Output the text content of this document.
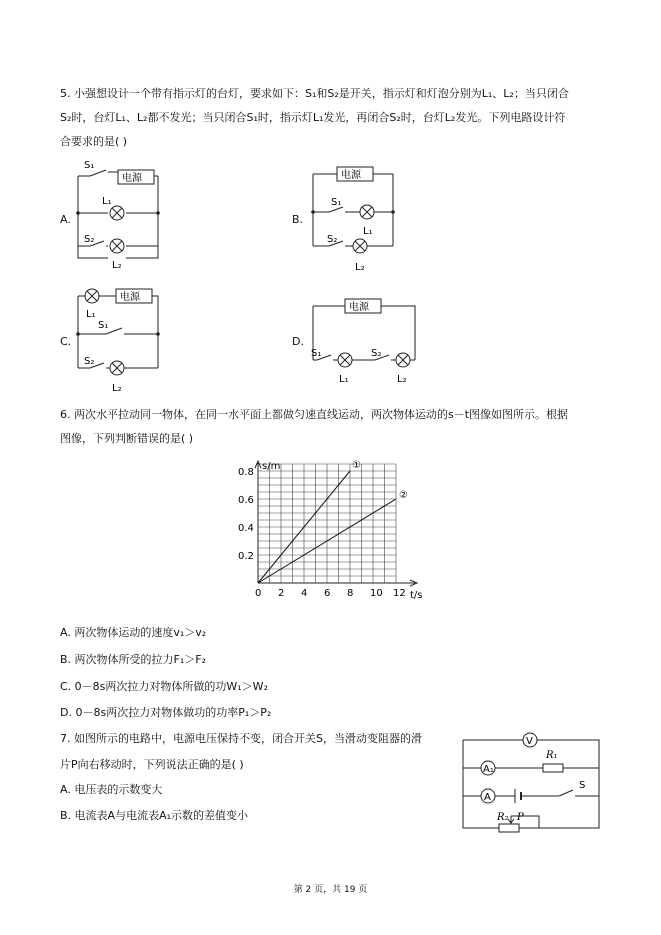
5. 小强想设计一个带有指示灯的台灯，要求如下：S₁和S₂是开关，指示灯和灯泡分别为L₁、L₂；当只闭合
S₂时，台灯L₁、L₂都不发光；当只闭合S₁时，指示灯L₁发光，再闭合S₂时，台灯L₂发光。下列电路设计符
合要求的是( )
A.
电源
S₁
L₁
S₂
L₂
B.
电源
S₁
L₁
S₂
L₂
C.
电源
L₁
S₁
S₂
L₂
D.
电源
S₁
L₁
S₂
L₂
6. 两次水平拉动同一物体，在同一水平面上都做匀速直线运动，两次物体运动的s－t图像如图所示。根据
图像，下列判断错误的是( )
s/m
t/s
0 2 4 6 8 10 12
0.2
0.4
0.6
0.8
①
②
A. 两次物体运动的速度v₁＞v₂
B. 两次物体所受的拉力F₁＞F₂
C. 0－8s两次拉力对物体所做的功W₁＞W₂
D. 0－8s两次拉力对物体做功的功率P₁＞P₂
7. 如图所示的电路中，电源电压保持不变，闭合开关S，当滑动变阻器的滑
片P向右移动时，下列说法正确的是( )
A. 电压表的示数变大
B. 电流表A与电流表A₁示数的差值变小
V
A₁
R₁
A
S
R₂ P
第 2 页，共 19 页
